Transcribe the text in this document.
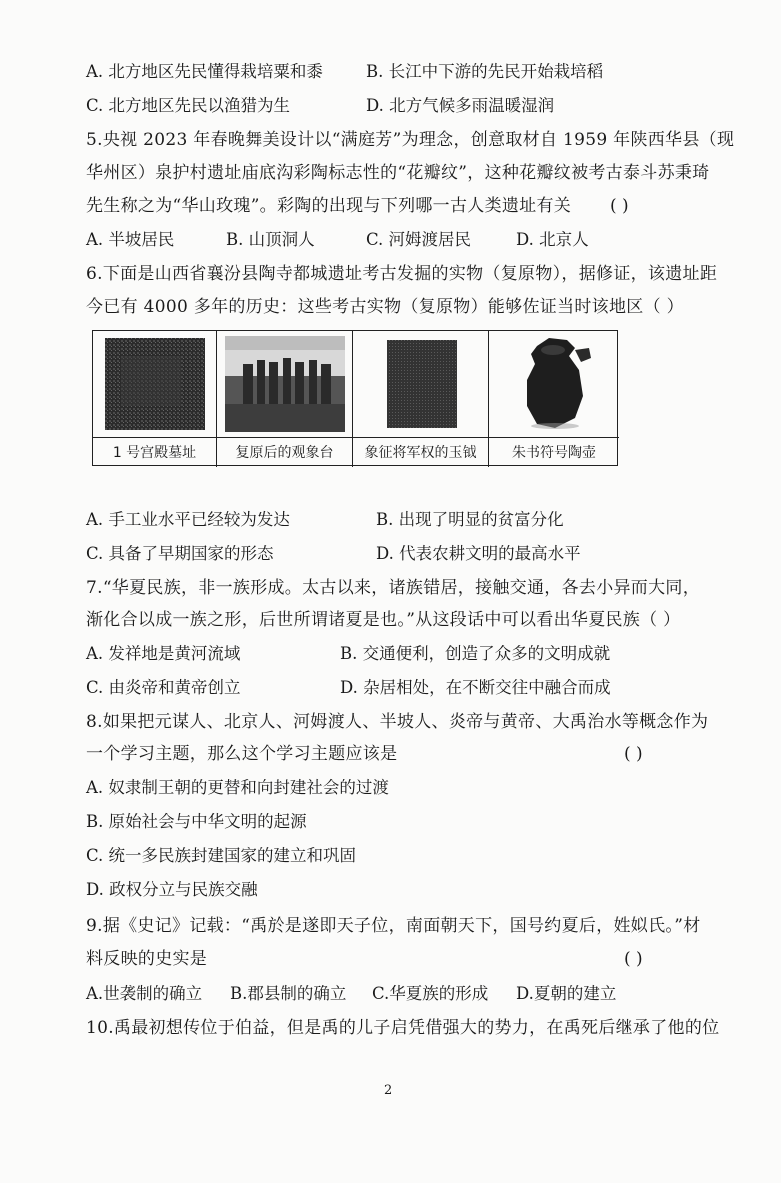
A. 北方地区先民懂得栽培粟和黍	B. 长江中下游的先民开始栽培稻
C. 北方地区先民以渔猎为生	D. 北方气候多雨温暖湿润
5.央视 2023 年春晚舞美设计以“满庭芳”为理念，创意取材自 1959 年陕西华县（现
华州区）泉护村遗址庙底沟彩陶标志性的“花瓣纹”，这种花瓣纹被考古泰斗苏秉琦
先生称之为“华山玫瑰”。彩陶的出现与下列哪一古人类遗址有关 ( )
A. 半坡居民	B. 山顶洞人	C. 河姆渡居民	D. 北京人
6.下面是山西省襄汾县陶寺都城遗址考古发掘的实物（复原物），据修证，该遗址距
今已有 4000 多年的历史：这些考古实物（复原物）能够佐证当时该地区（ ）
1 号宫殿墓址	复原后的观象台	象征将军权的玉钺	朱书符号陶壶
A. 手工业水平已经较为发达	B. 出现了明显的贫富分化
C. 具备了早期国家的形态	D. 代表农耕文明的最高水平
7.“华夏民族，非一族形成。太古以来，诸族错居，接触交通，各去小异而大同，
渐化合以成一族之形，后世所谓诸夏是也。”从这段话中可以看出华夏民族（ ）
A. 发祥地是黄河流域	B. 交通便利，创造了众多的文明成就
C. 由炎帝和黄帝创立	D. 杂居相处，在不断交往中融合而成
8.如果把元谋人、北京人、河姆渡人、半坡人、炎帝与黄帝、大禹治水等概念作为
一个学习主题，那么这个学习主题应该是	( )
A. 奴隶制王朝的更替和向封建社会的过渡
B. 原始社会与中华文明的起源
C. 统一多民族封建国家的建立和巩固
D. 政权分立与民族交融
9.据《史记》记载：“禹於是遂即天子位，南面朝天下，国号约夏后，姓姒氏。”材
料反映的史实是	( )
A.世袭制的确立 B.郡县制的确立 C.华夏族的形成 D.夏朝的建立
10.禹最初想传位于伯益，但是禹的儿子启凭借强大的势力，在禹死后继承了他的位
2
